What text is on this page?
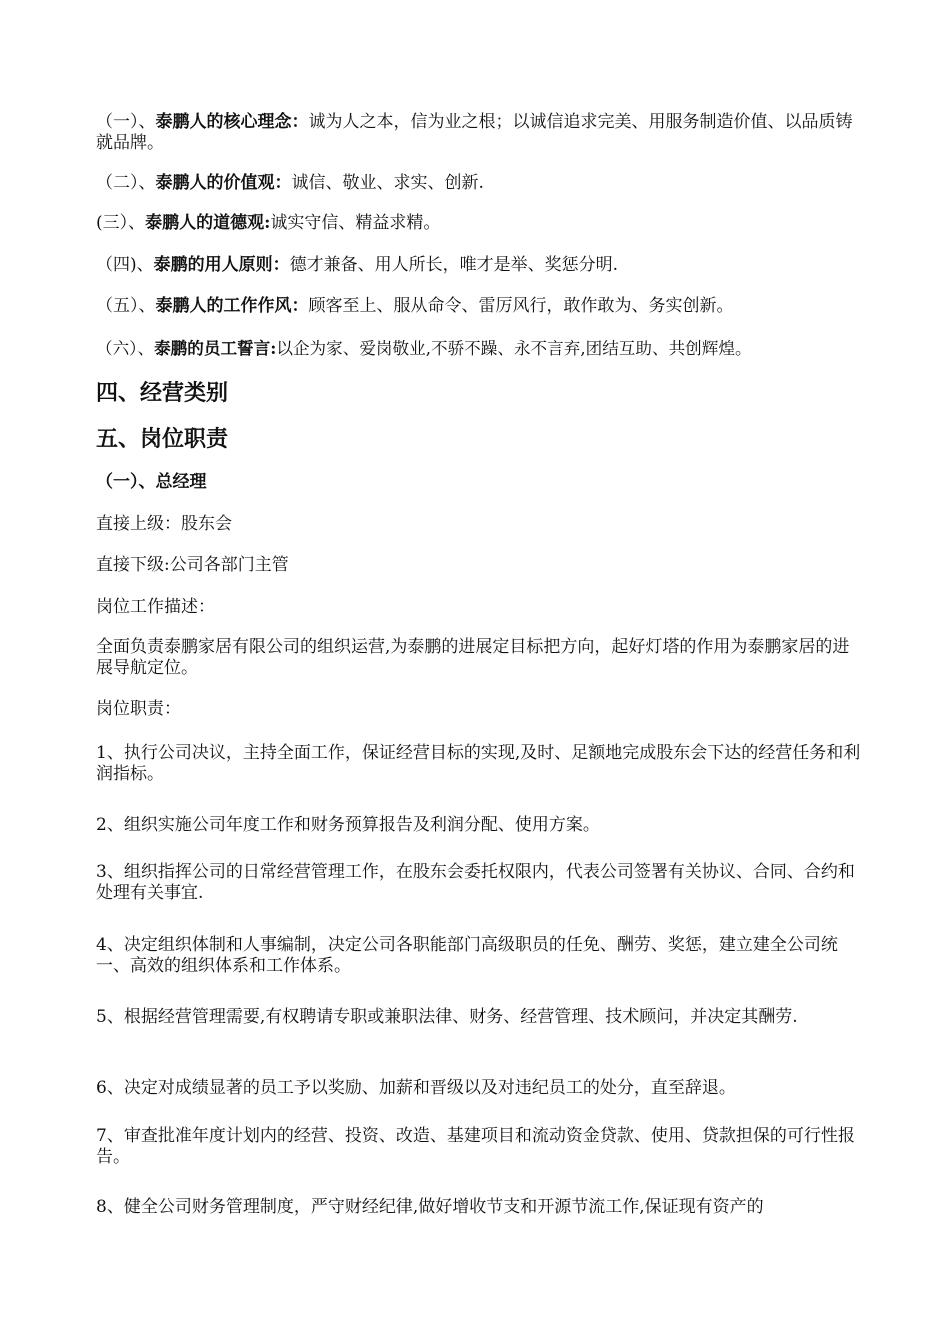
（一）、泰鹏人的核心理念：诚为人之本，信为业之根；以诚信追求完美、用服务制造价值、以品质铸就品牌。
（二）、泰鹏人的价值观：诚信、敬业、求实、创新.
(三）、泰鹏人的道德观:诚实守信、精益求精。
（四)、泰鹏的用人原则：德才兼备、用人所长，唯才是举、奖惩分明.
（五）、泰鹏人的工作作风：顾客至上、服从命令、雷厉风行，敢作敢为、务实创新。
（六）、泰鹏的员工誓言:以企为家、爱岗敬业,不骄不躁、永不言弃,团结互助、共创辉煌。
四、经营类别
五、岗位职责
（一）、总经理
直接上级：股东会
直接下级:公司各部门主管
岗位工作描述：
全面负责泰鹏家居有限公司的组织运营,为泰鹏的进展定目标把方向，起好灯塔的作用为泰鹏家居的进展导航定位。
岗位职责：
1、执行公司决议，主持全面工作，保证经营目标的实现,及时、足额地完成股东会下达的经营任务和利润指标。
2、组织实施公司年度工作和财务预算报告及利润分配、使用方案。
3、组织指挥公司的日常经营管理工作，在股东会委托权限内，代表公司签署有关协议、合同、合约和处理有关事宜.
4、决定组织体制和人事编制，决定公司各职能部门高级职员的任免、酬劳、奖惩，建立建全公司统一、高效的组织体系和工作体系。
5、根据经营管理需要,有权聘请专职或兼职法律、财务、经营管理、技术顾问，并决定其酬劳.
6、决定对成绩显著的员工予以奖励、加薪和晋级以及对违纪员工的处分，直至辞退。
7、审查批准年度计划内的经营、投资、改造、基建项目和流动资金贷款、使用、贷款担保的可行性报告。
8、健全公司财务管理制度，严守财经纪律,做好增收节支和开源节流工作,保证现有资产的
